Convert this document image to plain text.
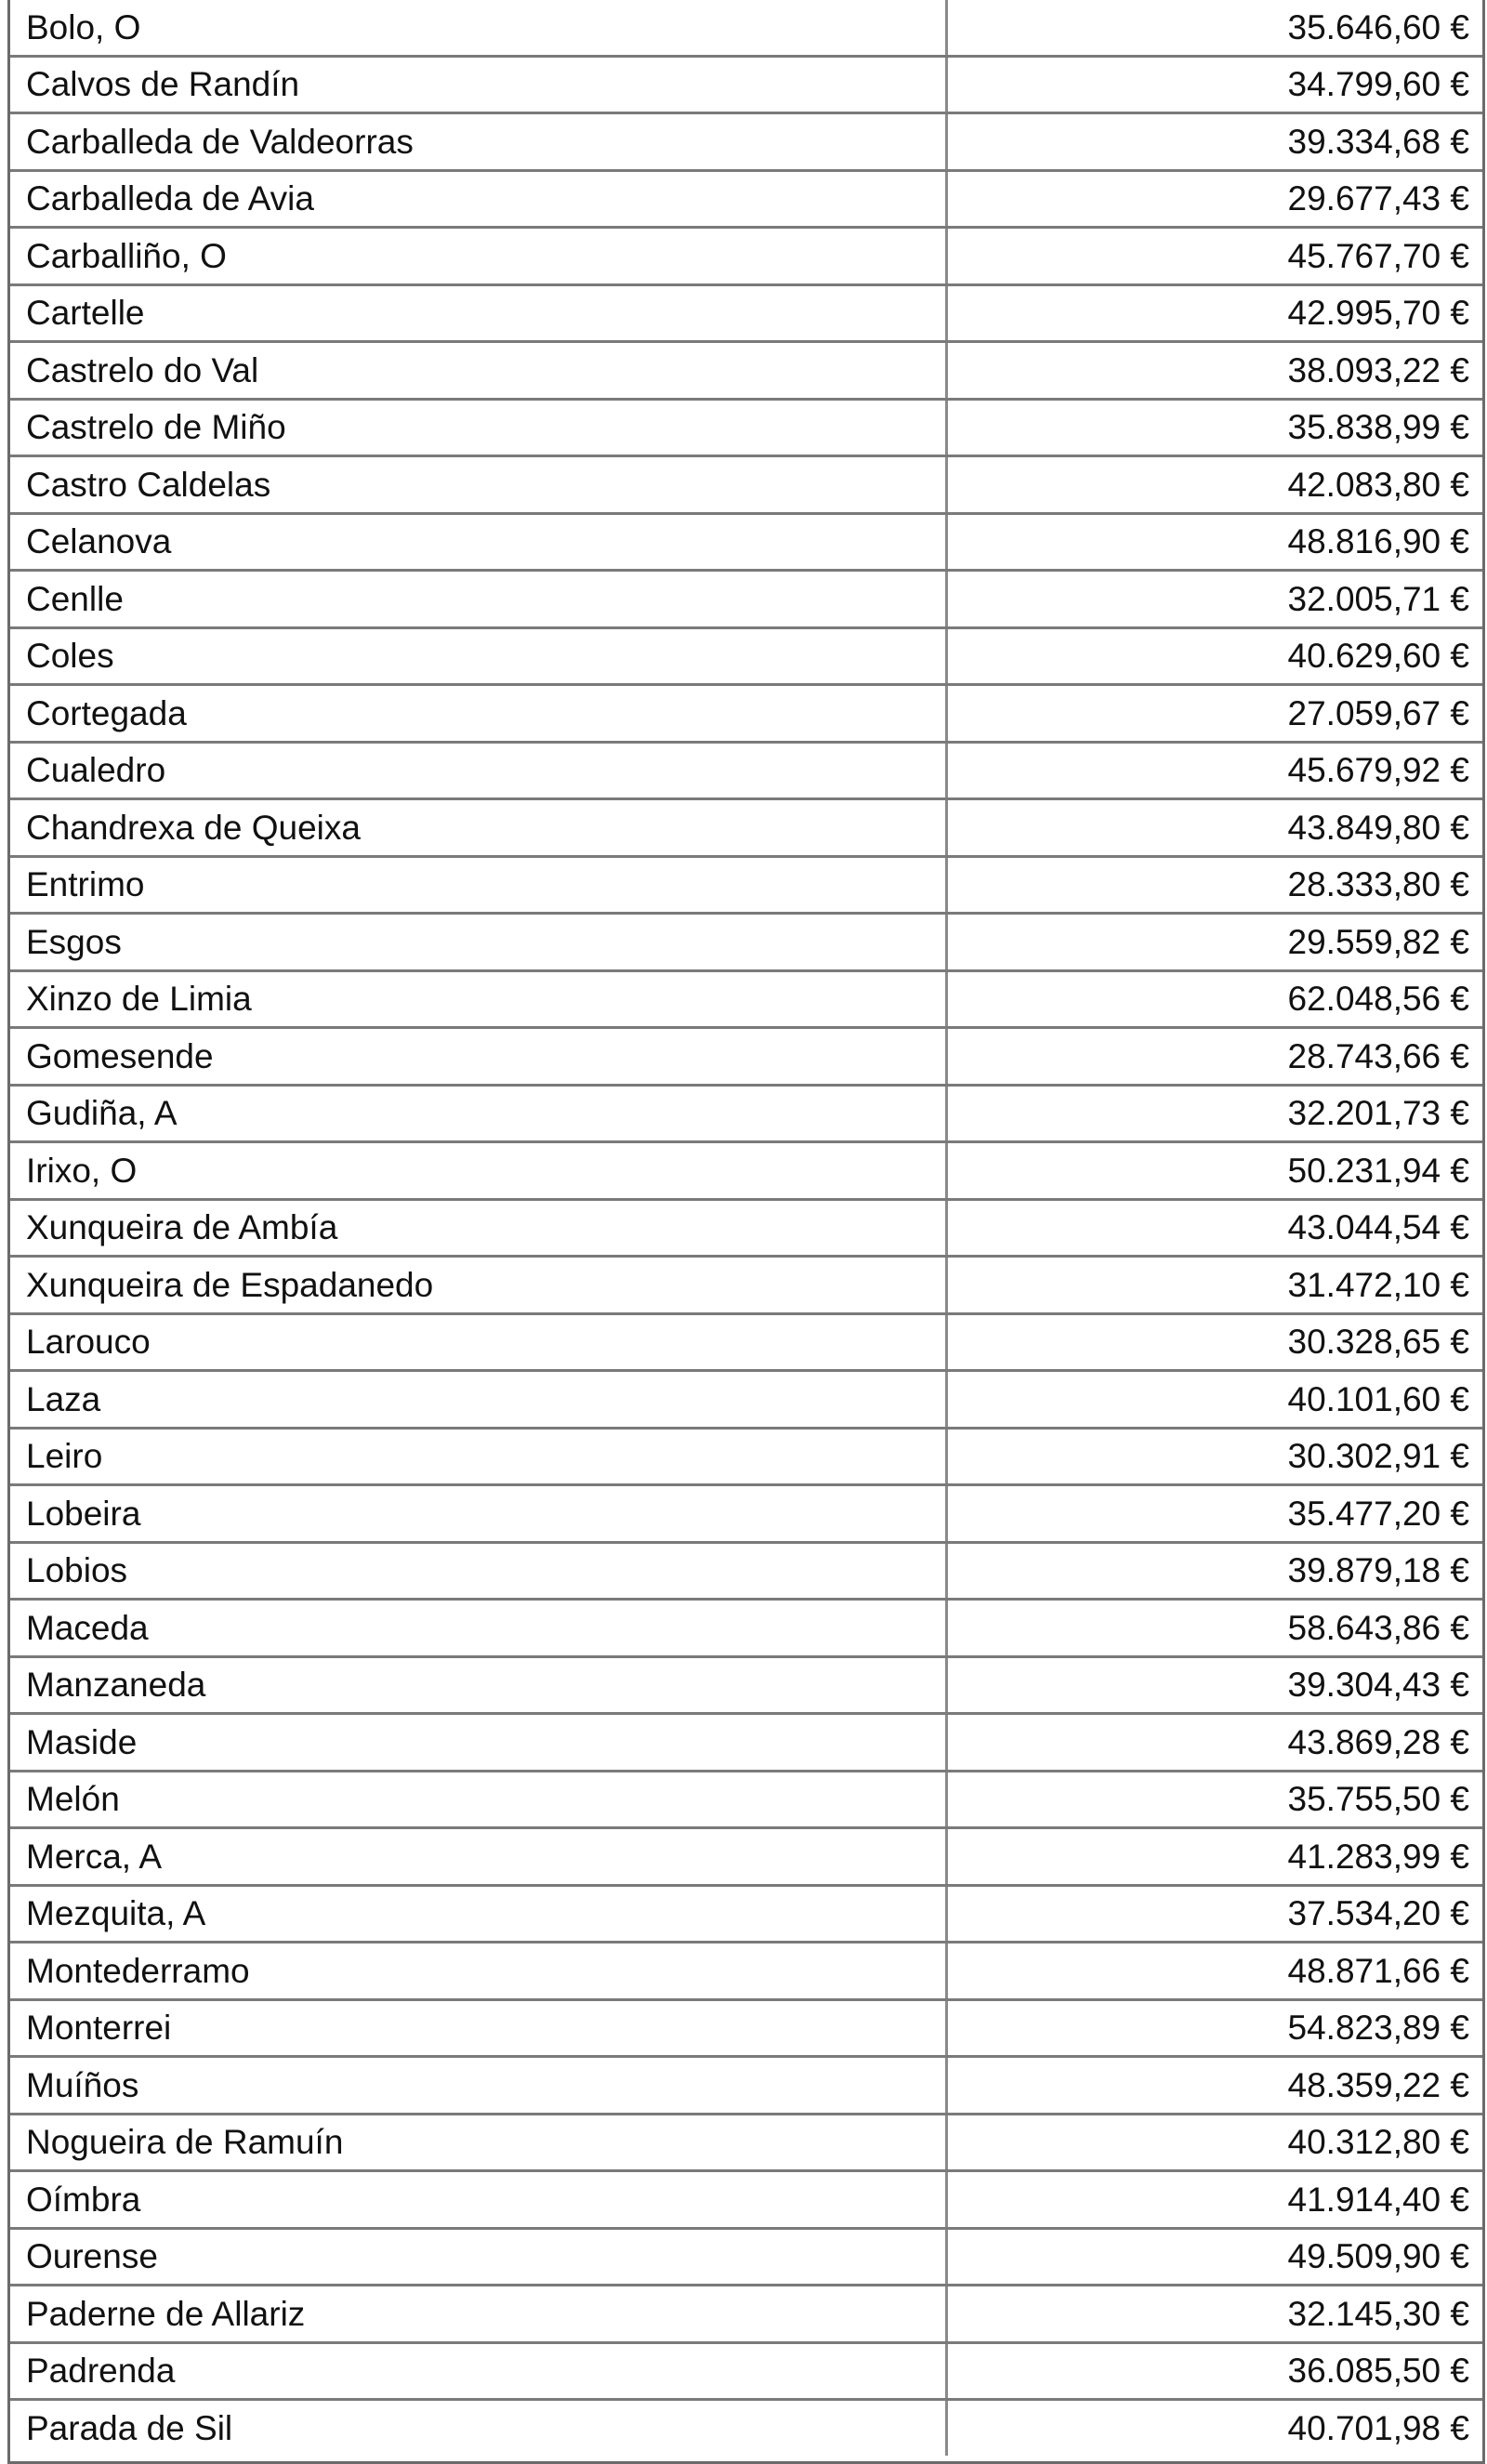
Bolo, O	35.646,60 €
Calvos de Randín	34.799,60 €
Carballeda de Valdeorras	39.334,68 €
Carballeda de Avia	29.677,43 €
Carballiño, O	45.767,70 €
Cartelle	42.995,70 €
Castrelo do Val	38.093,22 €
Castrelo de Miño	35.838,99 €
Castro Caldelas	42.083,80 €
Celanova	48.816,90 €
Cenlle	32.005,71 €
Coles	40.629,60 €
Cortegada	27.059,67 €
Cualedro	45.679,92 €
Chandrexa de Queixa	43.849,80 €
Entrimo	28.333,80 €
Esgos	29.559,82 €
Xinzo de Limia	62.048,56 €
Gomesende	28.743,66 €
Gudiña, A	32.201,73 €
Irixo, O	50.231,94 €
Xunqueira de Ambía	43.044,54 €
Xunqueira de Espadanedo	31.472,10 €
Larouco	30.328,65 €
Laza	40.101,60 €
Leiro	30.302,91 €
Lobeira	35.477,20 €
Lobios	39.879,18 €
Maceda	58.643,86 €
Manzaneda	39.304,43 €
Maside	43.869,28 €
Melón	35.755,50 €
Merca, A	41.283,99 €
Mezquita, A	37.534,20 €
Montederramo	48.871,66 €
Monterrei	54.823,89 €
Muíños	48.359,22 €
Nogueira de Ramuín	40.312,80 €
Oímbra	41.914,40 €
Ourense	49.509,90 €
Paderne de Allariz	32.145,30 €
Padrenda	36.085,50 €
Parada de Sil	40.701,98 €
